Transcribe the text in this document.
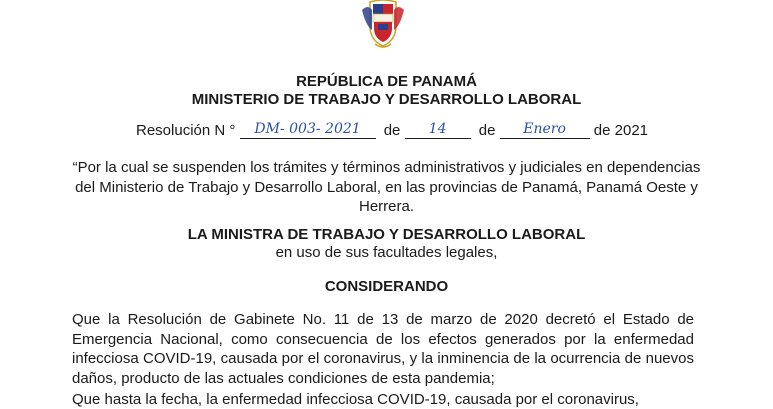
REPÚBLICA DE PANAMÁ
MINISTERIO DE TRABAJO Y DESARROLLO LABORAL
Resolución N °	DM- 003- 2021	de	14	de	Enero	de 2021
“Por la cual se suspenden los trámites y términos administrativos y judiciales en dependencias
del Ministerio de Trabajo y Desarrollo Laboral, en las provincias de Panamá, Panamá Oeste y
Herrera.
LA MINISTRA DE TRABAJO Y DESARROLLO LABORAL
en uso de sus facultades legales,
CONSIDERANDO
Que la Resolución de Gabinete No. 11 de 13 de marzo de 2020 decretó el Estado de Emergencia Nacional, como consecuencia de los efectos generados por la enfermedad infecciosa COVID-19, causada por el coronavirus, y la inminencia de la ocurrencia de nuevos daños, producto de las actuales condiciones de esta pandemia;
Que hasta la fecha, la enfermedad infecciosa COVID-19, causada por el coronavirus,
